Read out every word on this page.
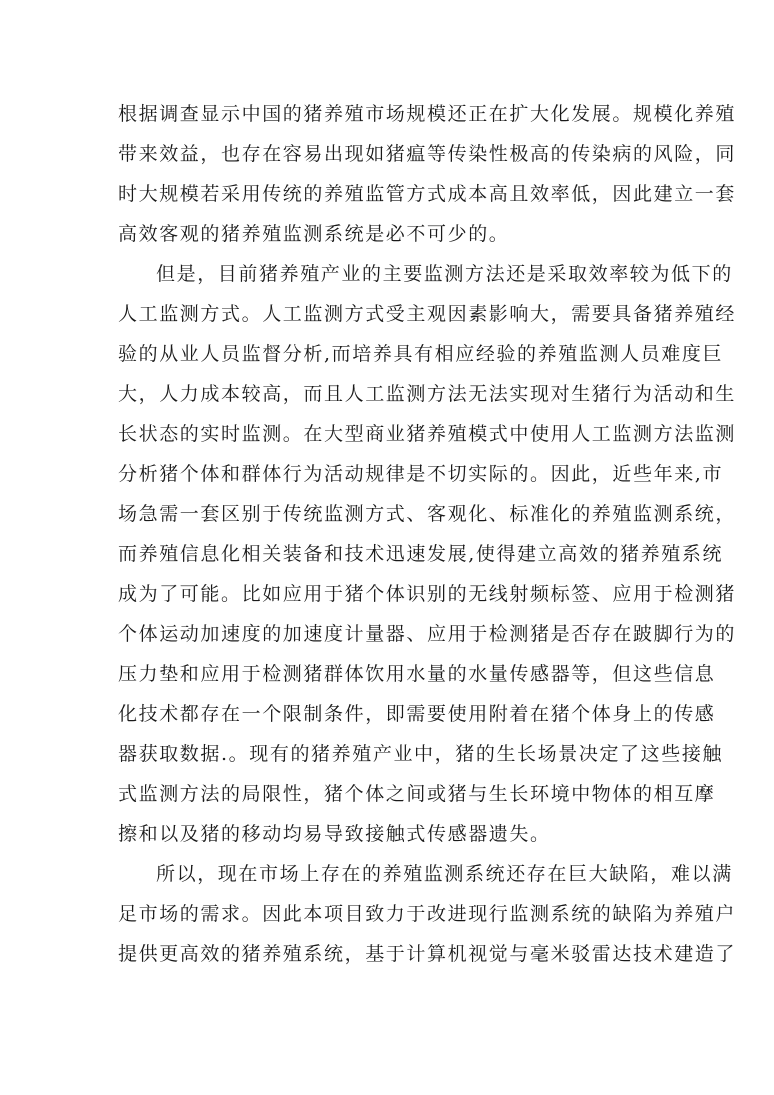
根据调查显示中国的猪养殖市场规模还正在扩大化发展。规模化养殖
带来效益，也存在容易出现如猪瘟等传染性极高的传染病的风险，同
时大规模若采用传统的养殖监管方式成本高且效率低，因此建立一套
高效客观的猪养殖监测系统是必不可少的。
但是，目前猪养殖产业的主要监测方法还是采取效率较为低下的
人工监测方式。人工监测方式受主观因素影响大，需要具备猪养殖经
验的从业人员监督分析,而培养具有相应经验的养殖监测人员难度巨
大，人力成本较高，而且人工监测方法无法实现对生猪行为活动和生
长状态的实时监测。在大型商业猪养殖模式中使用人工监测方法监测
分析猪个体和群体行为活动规律是不切实际的。因此，近些年来,市
场急需一套区别于传统监测方式、客观化、标准化的养殖监测系统，
而养殖信息化相关装备和技术迅速发展,使得建立高效的猪养殖系统
成为了可能。比如应用于猪个体识别的无线射频标签、应用于检测猪
个体运动加速度的加速度计量器、应用于检测猪是否存在跛脚行为的
压力垫和应用于检测猪群体饮用水量的水量传感器等，但这些信息
化技术都存在一个限制条件，即需要使用附着在猪个体身上的传感
器获取数据.。现有的猪养殖产业中，猪的生长场景决定了这些接触
式监测方法的局限性，猪个体之间或猪与生长环境中物体的相互摩
擦和以及猪的移动均易导致接触式传感器遗失。
所以，现在市场上存在的养殖监测系统还存在巨大缺陷，难以满
足市场的需求。因此本项目致力于改进现行监测系统的缺陷为养殖户
提供更高效的猪养殖系统，基于计算机视觉与毫米驳雷达技术建造了
